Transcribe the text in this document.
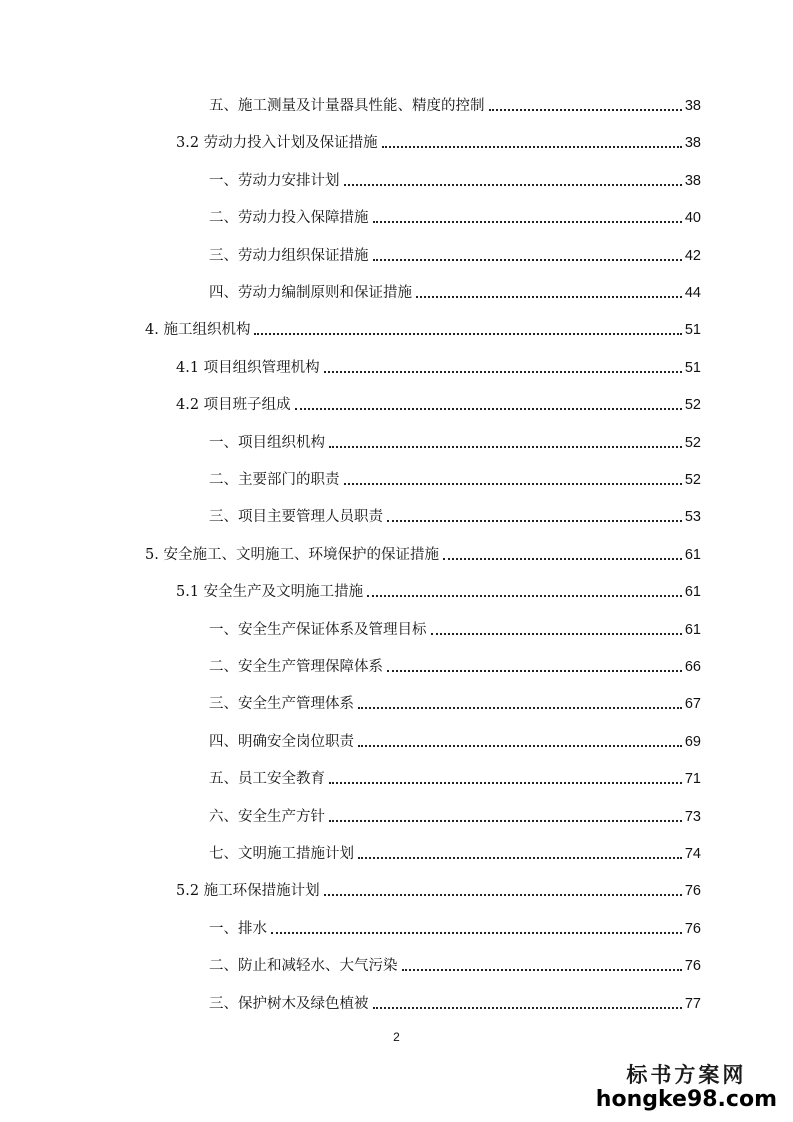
五、施工测量及计量器具性能、精度的控制	38
3.2 劳动力投入计划及保证措施	38
一、劳动力安排计划	38
二、劳动力投入保障措施	40
三、劳动力组织保证措施	42
四、劳动力编制原则和保证措施	44
4. 施工组织机构	51
4.1 项目组织管理机构	51
4.2 项目班子组成	52
一、项目组织机构	52
二、主要部门的职责	52
三、项目主要管理人员职责	53
5. 安全施工、文明施工、环境保护的保证措施	61
5.1 安全生产及文明施工措施	61
一、安全生产保证体系及管理目标	61
二、安全生产管理保障体系	66
三、安全生产管理体系	67
四、明确安全岗位职责	69
五、员工安全教育	71
六、安全生产方针	73
七、文明施工措施计划	74
5.2 施工环保措施计划	76
一、排水	76
二、防止和减轻水、大气污染	76
三、保护树木及绿色植被	77
2
标书方案网
hongke98.com
